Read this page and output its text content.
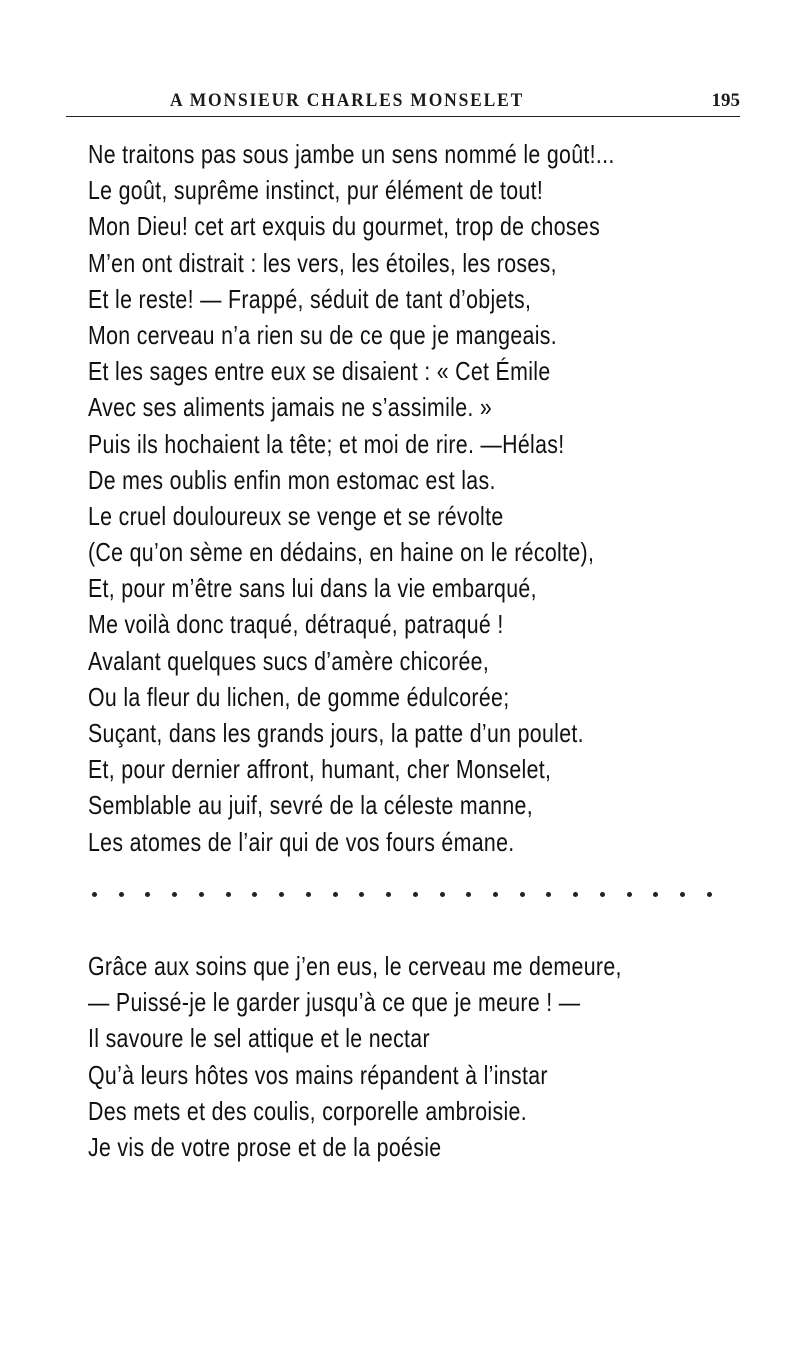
A MONSIEUR CHARLES MONSELET	195
Ne traitons pas sous jambe un sens nommé le goût!...
Le goût, suprême instinct, pur élément de tout!
Mon Dieu! cet art exquis du gourmet, trop de choses
M’en ont distrait : les vers, les étoiles, les roses,
Et le reste! — Frappé, séduit de tant d’objets,
Mon cerveau n’a rien su de ce que je mangeais.
Et les sages entre eux se disaient : « Cet Émile
Avec ses aliments jamais ne s’assimile. »
Puis ils hochaient la tête; et moi de rire. —Hélas!
De mes oublis enfin mon estomac est las.
Le cruel douloureux se venge et se révolte
(Ce qu’on sème en dédains, en haine on le récolte),
Et, pour m’être sans lui dans la vie embarqué,
Me voilà donc traqué, détraqué, patraqué !
Avalant quelques sucs d’amère chicorée,
Ou la fleur du lichen, de gomme édulcorée;
Suçant, dans les grands jours, la patte d’un poulet.
Et, pour dernier affront, humant, cher Monselet,
Semblable au juif, sevré de la céleste manne,
Les atomes de l’air qui de vos fours émane.
Grâce aux soins que j’en eus, le cerveau me demeure,
— Puissé-je le garder jusqu’à ce que je meure ! —
Il savoure le sel attique et le nectar
Qu’à leurs hôtes vos mains répandent à l’instar
Des mets et des coulis, corporelle ambroisie.
Je vis de votre prose et de la poésie
